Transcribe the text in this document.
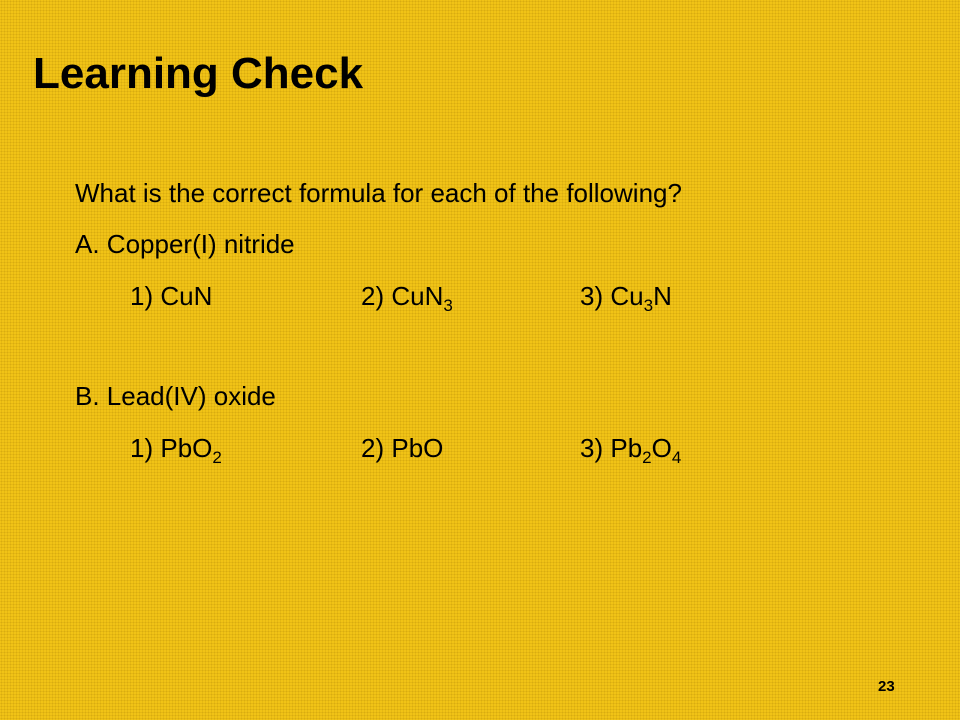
Learning Check
What is the correct formula for each of the following?
A. Copper(I) nitride
1) CuN	2) CuN$_3$	3) $Cu_3N$
B. Lead(IV) oxide
1) PbO$_2$	2) PbO	3) $Pb_2O_4$
23
